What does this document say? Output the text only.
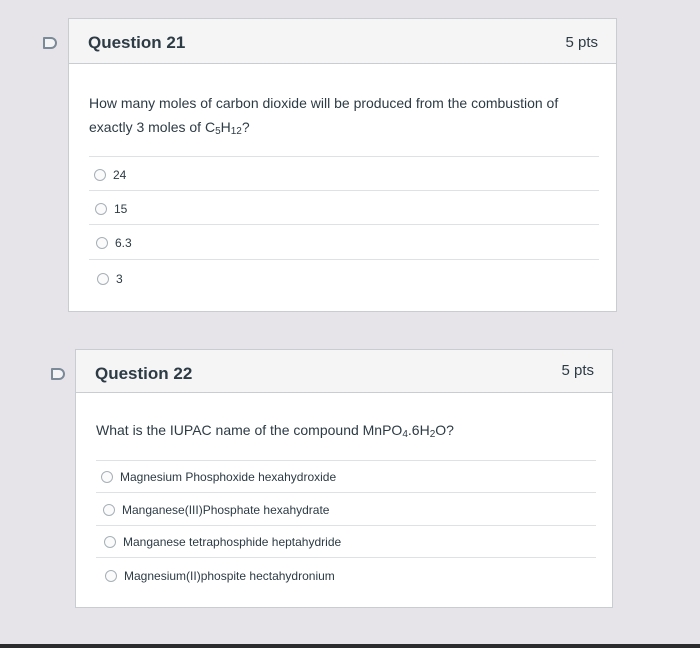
Question 21	5 pts
How many moles of carbon dioxide will be produced from the combustion of
exactly 3 moles of $C_5H_{12}$?
24
15
6.3
3
Question 22	5 pts
What is the IUPAC name of the compound $MnPO_4.6H_2O$?
Magnesium Phosphoxide hexahydroxide
Manganese(III)Phosphate hexahydrate
Manganese tetraphosphide heptahydride
Magnesium(II)phospite hectahydronium
